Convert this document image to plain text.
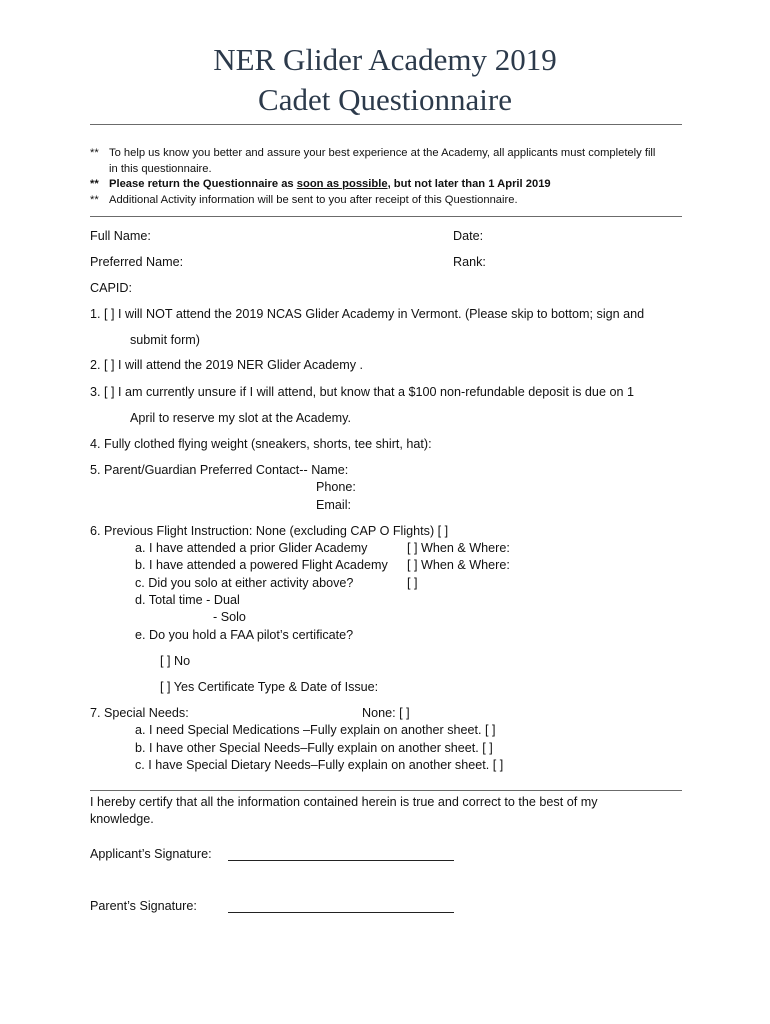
NER Glider Academy 2019
Cadet Questionnaire
** To help us know you better and assure your best experience at the Academy, all applicants must completely fill
in this questionnaire.
** Please return the Questionnaire as soon as possible, but not later than 1 April 2019
** Additional Activity information will be sent to you after receipt of this Questionnaire.
Full Name:	Date:
Preferred Name:	Rank:
CAPID:
1. [ ] I will NOT attend the 2019 NCAS Glider Academy in Vermont. (Please skip to bottom; sign and
submit form)
2. [ ] I will attend the 2019 NER Glider Academy .
3. [ ] I am currently unsure if I will attend, but know that a $100 non-refundable deposit is due on 1
April to reserve my slot at the Academy.
4. Fully clothed flying weight (sneakers, shorts, tee shirt, hat):
5. Parent/Guardian Preferred Contact-- Name:
Phone:
Email:
6. Previous Flight Instruction: None (excluding CAP O Flights) [ ]
a. I have attended a prior Glider Academy	[ ] When & Where:
b. I have attended a powered Flight Academy [ ] When & Where:
c. Did you solo at either activity above?	[ ]
d. Total time - Dual
- Solo
e. Do you hold a FAA pilot’s certificate?
[ ] No
[ ] Yes Certificate Type & Date of Issue:
7. Special Needs:	None: [ ]
a. I need Special Medications –Fully explain on another sheet. [ ]
b. I have other Special Needs–Fully explain on another sheet. [ ]
c. I have Special Dietary Needs–Fully explain on another sheet. [ ]
I hereby certify that all the information contained herein is true and correct to the best of my
knowledge.
Applicant’s Signature:
Parent’s Signature:
